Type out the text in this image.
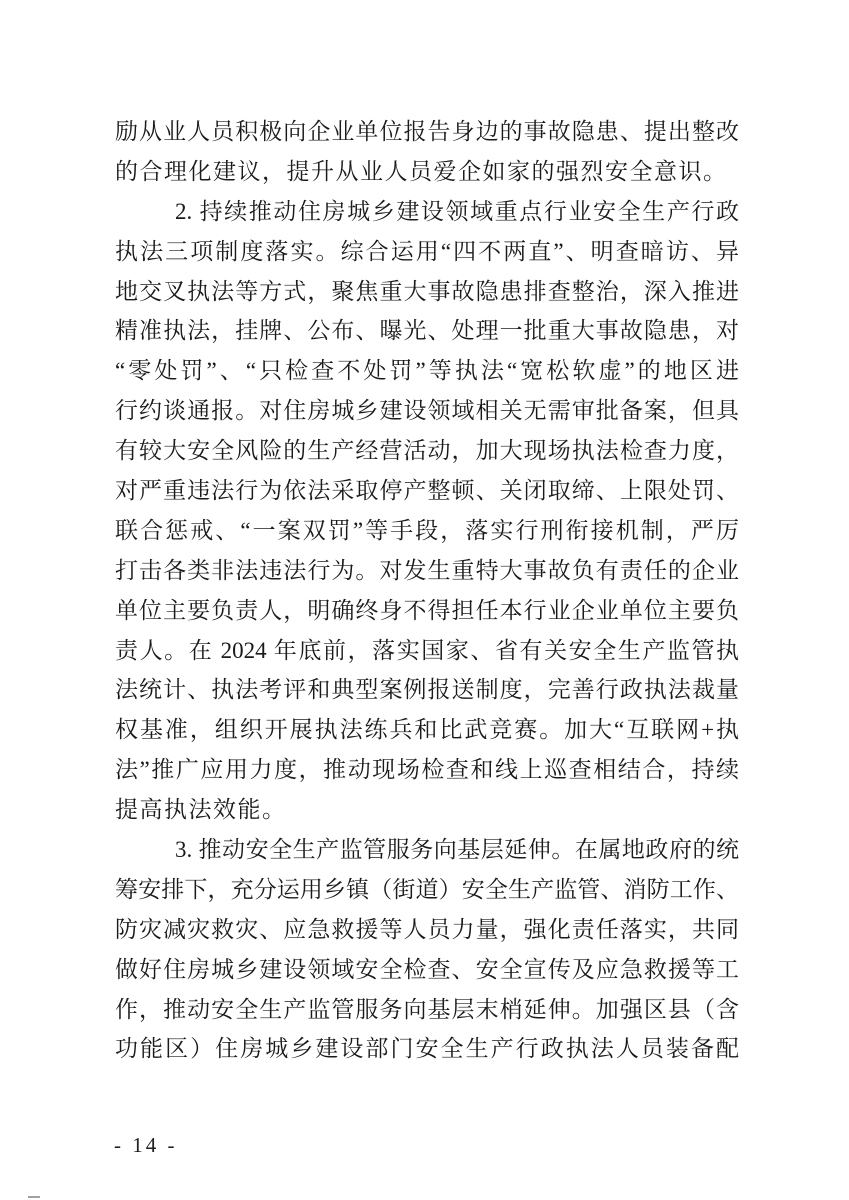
励从业人员积极向企业单位报告身边的事故隐患、提出整改
的合理化建议，提升从业人员爱企如家的强烈安全意识。
2. 持续推动住房城乡建设领域重点行业安全生产行政
执法三项制度落实。综合运用“四不两直”、明查暗访、异
地交叉执法等方式，聚焦重大事故隐患排查整治，深入推进
精准执法，挂牌、公布、曝光、处理一批重大事故隐患，对
“零处罚”、“只检查不处罚”等执法“宽松软虚”的地区进
行约谈通报。对住房城乡建设领域相关无需审批备案，但具
有较大安全风险的生产经营活动，加大现场执法检查力度，
对严重违法行为依法采取停产整顿、关闭取缔、上限处罚、
联合惩戒、“一案双罚”等手段，落实行刑衔接机制，严厉
打击各类非法违法行为。对发生重特大事故负有责任的企业
单位主要负责人，明确终身不得担任本行业企业单位主要负
责人。在 2024 年底前，落实国家、省有关安全生产监管执
法统计、执法考评和典型案例报送制度，完善行政执法裁量
权基准，组织开展执法练兵和比武竞赛。加大“互联网+执
法”推广应用力度，推动现场检查和线上巡查相结合，持续
提高执法效能。
3. 推动安全生产监管服务向基层延伸。在属地政府的统
筹安排下，充分运用乡镇（街道）安全生产监管、消防工作、
防灾减灾救灾、应急救援等人员力量，强化责任落实，共同
做好住房城乡建设领域安全检查、安全宣传及应急救援等工
作，推动安全生产监管服务向基层末梢延伸。加强区县（含
功能区）住房城乡建设部门安全生产行政执法人员装备配
- 14 -
